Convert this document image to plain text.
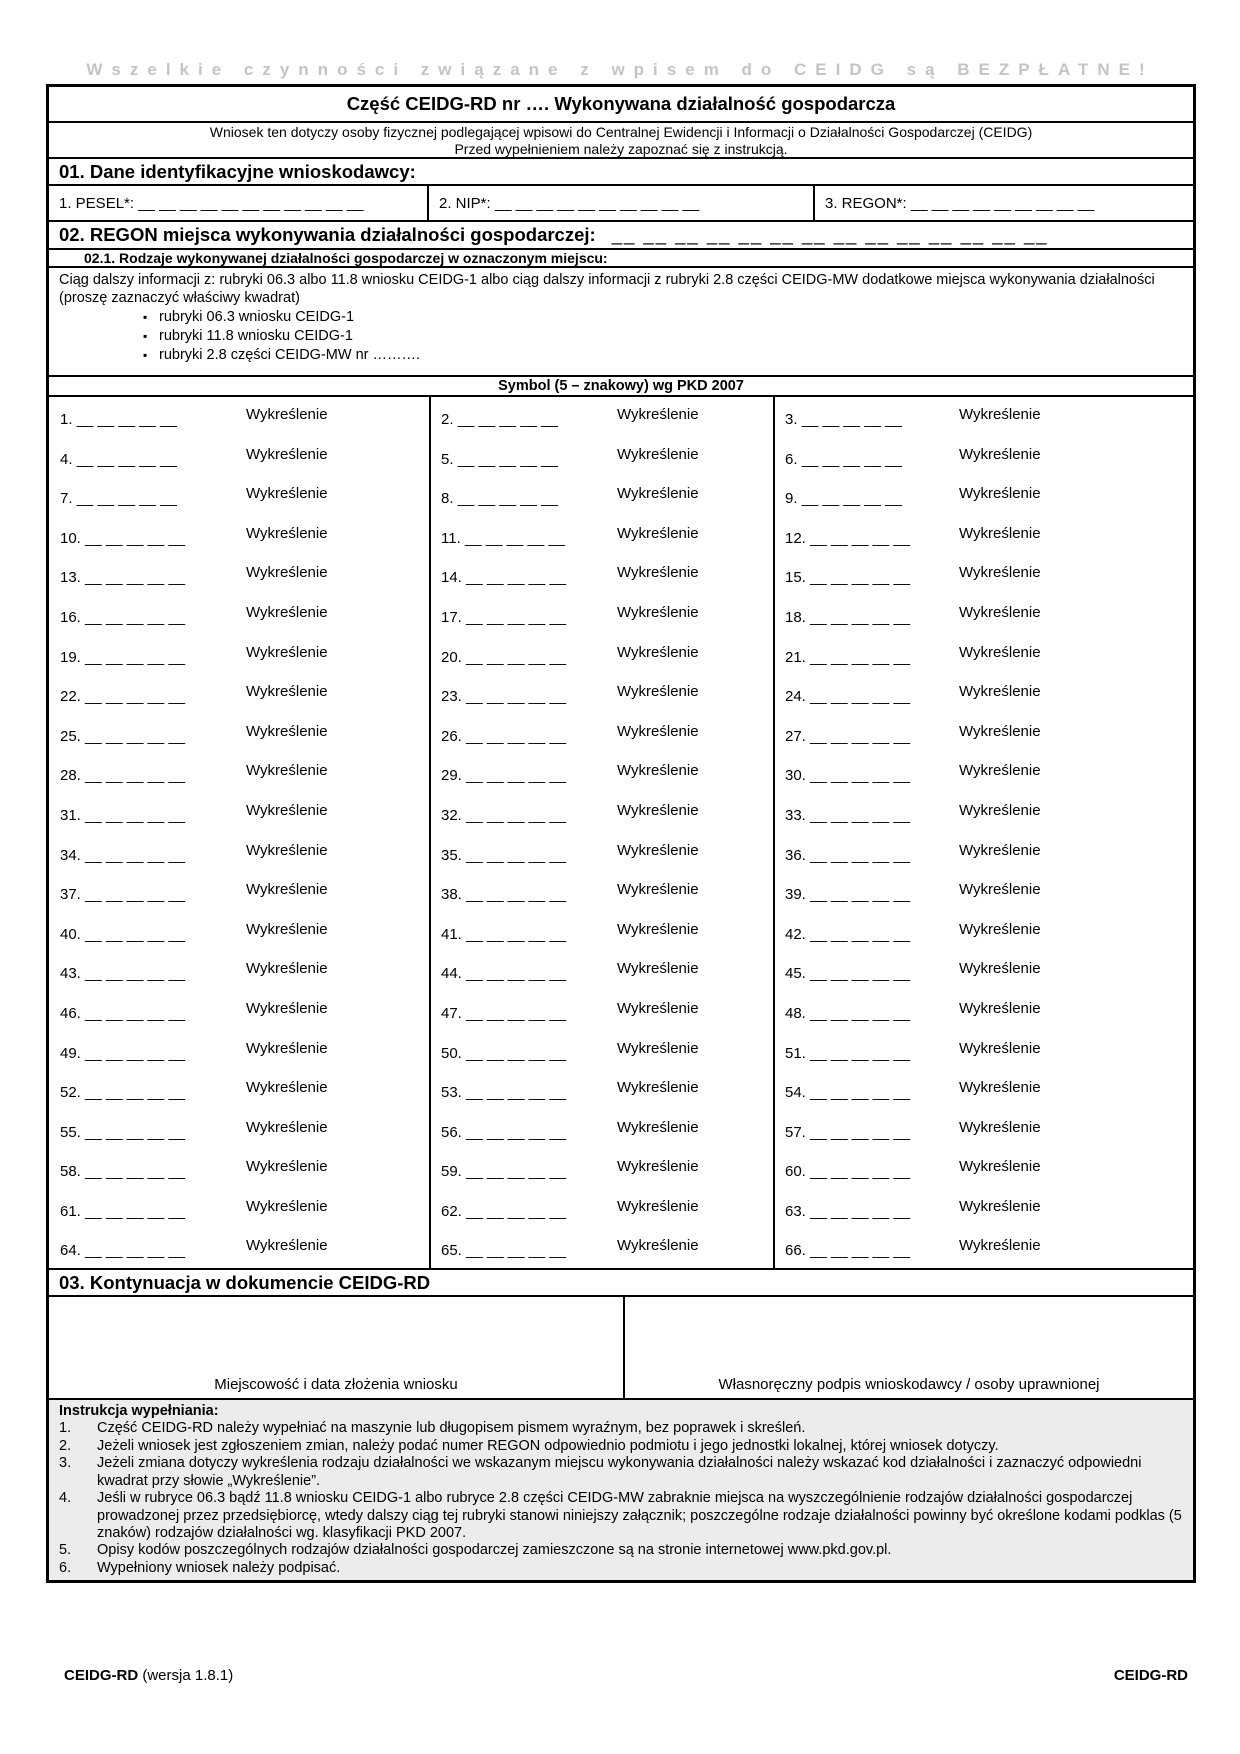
Wszelkie czynności związane z wpisem do CEIDG są BEZPŁATNE!
Część CEIDG-RD nr …. Wykonywana działalność gospodarcza
Wniosek ten dotyczy osoby fizycznej podlegającej wpisowi do Centralnej Ewidencji i Informacji o Działalności Gospodarczej (CEIDG)
Przed wypełnieniem należy zapoznać się z instrukcją.
01. Dane identyfikacyjne wnioskodawcy:
1. PESEL*: __ __ __ __ __ __ __ __ __ __ __	2. NIP*: __ __ __ __ __ __ __ __ __ __	3. REGON*: __ __ __ __ __ __ __ __ __
02. REGON miejsca wykonywania działalności gospodarczej: __ __ __ __ __ __ __ __ __ __ __ __ __ __
02.1. Rodzaje wykonywanej działalności gospodarczej w oznaczonym miejscu:
Ciąg dalszy informacji z: rubryki 06.3 albo 11.8 wniosku CEIDG-1 albo ciąg dalszy informacji z rubryki 2.8 części CEIDG-MW dodatkowe miejsca wykonywania działalności (proszę zaznaczyć właściwy kwadrat)
▪ rubryki 06.3 wniosku CEIDG-1
▪ rubryki 11.8 wniosku CEIDG-1
▪ rubryki 2.8 części CEIDG-MW nr ……….
Symbol (5 – znakowy) wg PKD 2007
1. __ __ __ __ __	Wykreślenie	2. __ __ __ __ __	Wykreślenie	3. __ __ __ __ __	Wykreślenie
4. __ __ __ __ __	Wykreślenie	5. __ __ __ __ __	Wykreślenie	6. __ __ __ __ __	Wykreślenie
7. __ __ __ __ __	Wykreślenie	8. __ __ __ __ __	Wykreślenie	9. __ __ __ __ __	Wykreślenie
10. __ __ __ __ __	Wykreślenie	11. __ __ __ __ __	Wykreślenie	12. __ __ __ __ __	Wykreślenie
13. __ __ __ __ __	Wykreślenie	14. __ __ __ __ __	Wykreślenie	15. __ __ __ __ __	Wykreślenie
16. __ __ __ __ __	Wykreślenie	17. __ __ __ __ __	Wykreślenie	18. __ __ __ __ __	Wykreślenie
19. __ __ __ __ __	Wykreślenie	20. __ __ __ __ __	Wykreślenie	21. __ __ __ __ __	Wykreślenie
22. __ __ __ __ __	Wykreślenie	23. __ __ __ __ __	Wykreślenie	24. __ __ __ __ __	Wykreślenie
25. __ __ __ __ __	Wykreślenie	26. __ __ __ __ __	Wykreślenie	27. __ __ __ __ __	Wykreślenie
28. __ __ __ __ __	Wykreślenie	29. __ __ __ __ __	Wykreślenie	30. __ __ __ __ __	Wykreślenie
31. __ __ __ __ __	Wykreślenie	32. __ __ __ __ __	Wykreślenie	33. __ __ __ __ __	Wykreślenie
34. __ __ __ __ __	Wykreślenie	35. __ __ __ __ __	Wykreślenie	36. __ __ __ __ __	Wykreślenie
37. __ __ __ __ __	Wykreślenie	38. __ __ __ __ __	Wykreślenie	39. __ __ __ __ __	Wykreślenie
40. __ __ __ __ __	Wykreślenie	41. __ __ __ __ __	Wykreślenie	42. __ __ __ __ __	Wykreślenie
43. __ __ __ __ __	Wykreślenie	44. __ __ __ __ __	Wykreślenie	45. __ __ __ __ __	Wykreślenie
46. __ __ __ __ __	Wykreślenie	47. __ __ __ __ __	Wykreślenie	48. __ __ __ __ __	Wykreślenie
49. __ __ __ __ __	Wykreślenie	50. __ __ __ __ __	Wykreślenie	51. __ __ __ __ __	Wykreślenie
52. __ __ __ __ __	Wykreślenie	53. __ __ __ __ __	Wykreślenie	54. __ __ __ __ __	Wykreślenie
55. __ __ __ __ __	Wykreślenie	56. __ __ __ __ __	Wykreślenie	57. __ __ __ __ __	Wykreślenie
58. __ __ __ __ __	Wykreślenie	59. __ __ __ __ __	Wykreślenie	60. __ __ __ __ __	Wykreślenie
61. __ __ __ __ __	Wykreślenie	62. __ __ __ __ __	Wykreślenie	63. __ __ __ __ __	Wykreślenie
64. __ __ __ __ __	Wykreślenie	65. __ __ __ __ __	Wykreślenie	66. __ __ __ __ __	Wykreślenie
03. Kontynuacja w dokumencie CEIDG-RD
Miejscowość i data złożenia wniosku	Własnoręczny podpis wnioskodawcy / osoby uprawnionej
Instrukcja wypełniania:
1.	Część CEIDG-RD należy wypełniać na maszynie lub długopisem pismem wyraźnym, bez poprawek i skreśleń.
2.	Jeżeli wniosek jest zgłoszeniem zmian, należy podać numer REGON odpowiednio podmiotu i jego jednostki lokalnej, której wniosek dotyczy.
3.	Jeżeli zmiana dotyczy wykreślenia rodzaju działalności we wskazanym miejscu wykonywania działalności należy wskazać kod działalności i zaznaczyć odpowiedni kwadrat przy słowie „Wykreślenie”.
4.	Jeśli w rubryce 06.3 bądź 11.8 wniosku CEIDG-1 albo rubryce 2.8 części CEIDG-MW zabraknie miejsca na wyszczególnienie rodzajów działalności gospodarczej prowadzonej przez przedsiębiorcę, wtedy dalszy ciąg tej rubryki stanowi niniejszy załącznik; poszczególne rodzaje działalności powinny być określone kodami podklas (5 znaków) rodzajów działalności wg. klasyfikacji PKD 2007.
5.	Opisy kodów poszczególnych rodzajów działalności gospodarczej zamieszczone są na stronie internetowej www.pkd.gov.pl.
6.	Wypełniony wniosek należy podpisać.
CEIDG-RD (wersja 1.8.1)	CEIDG-RD
